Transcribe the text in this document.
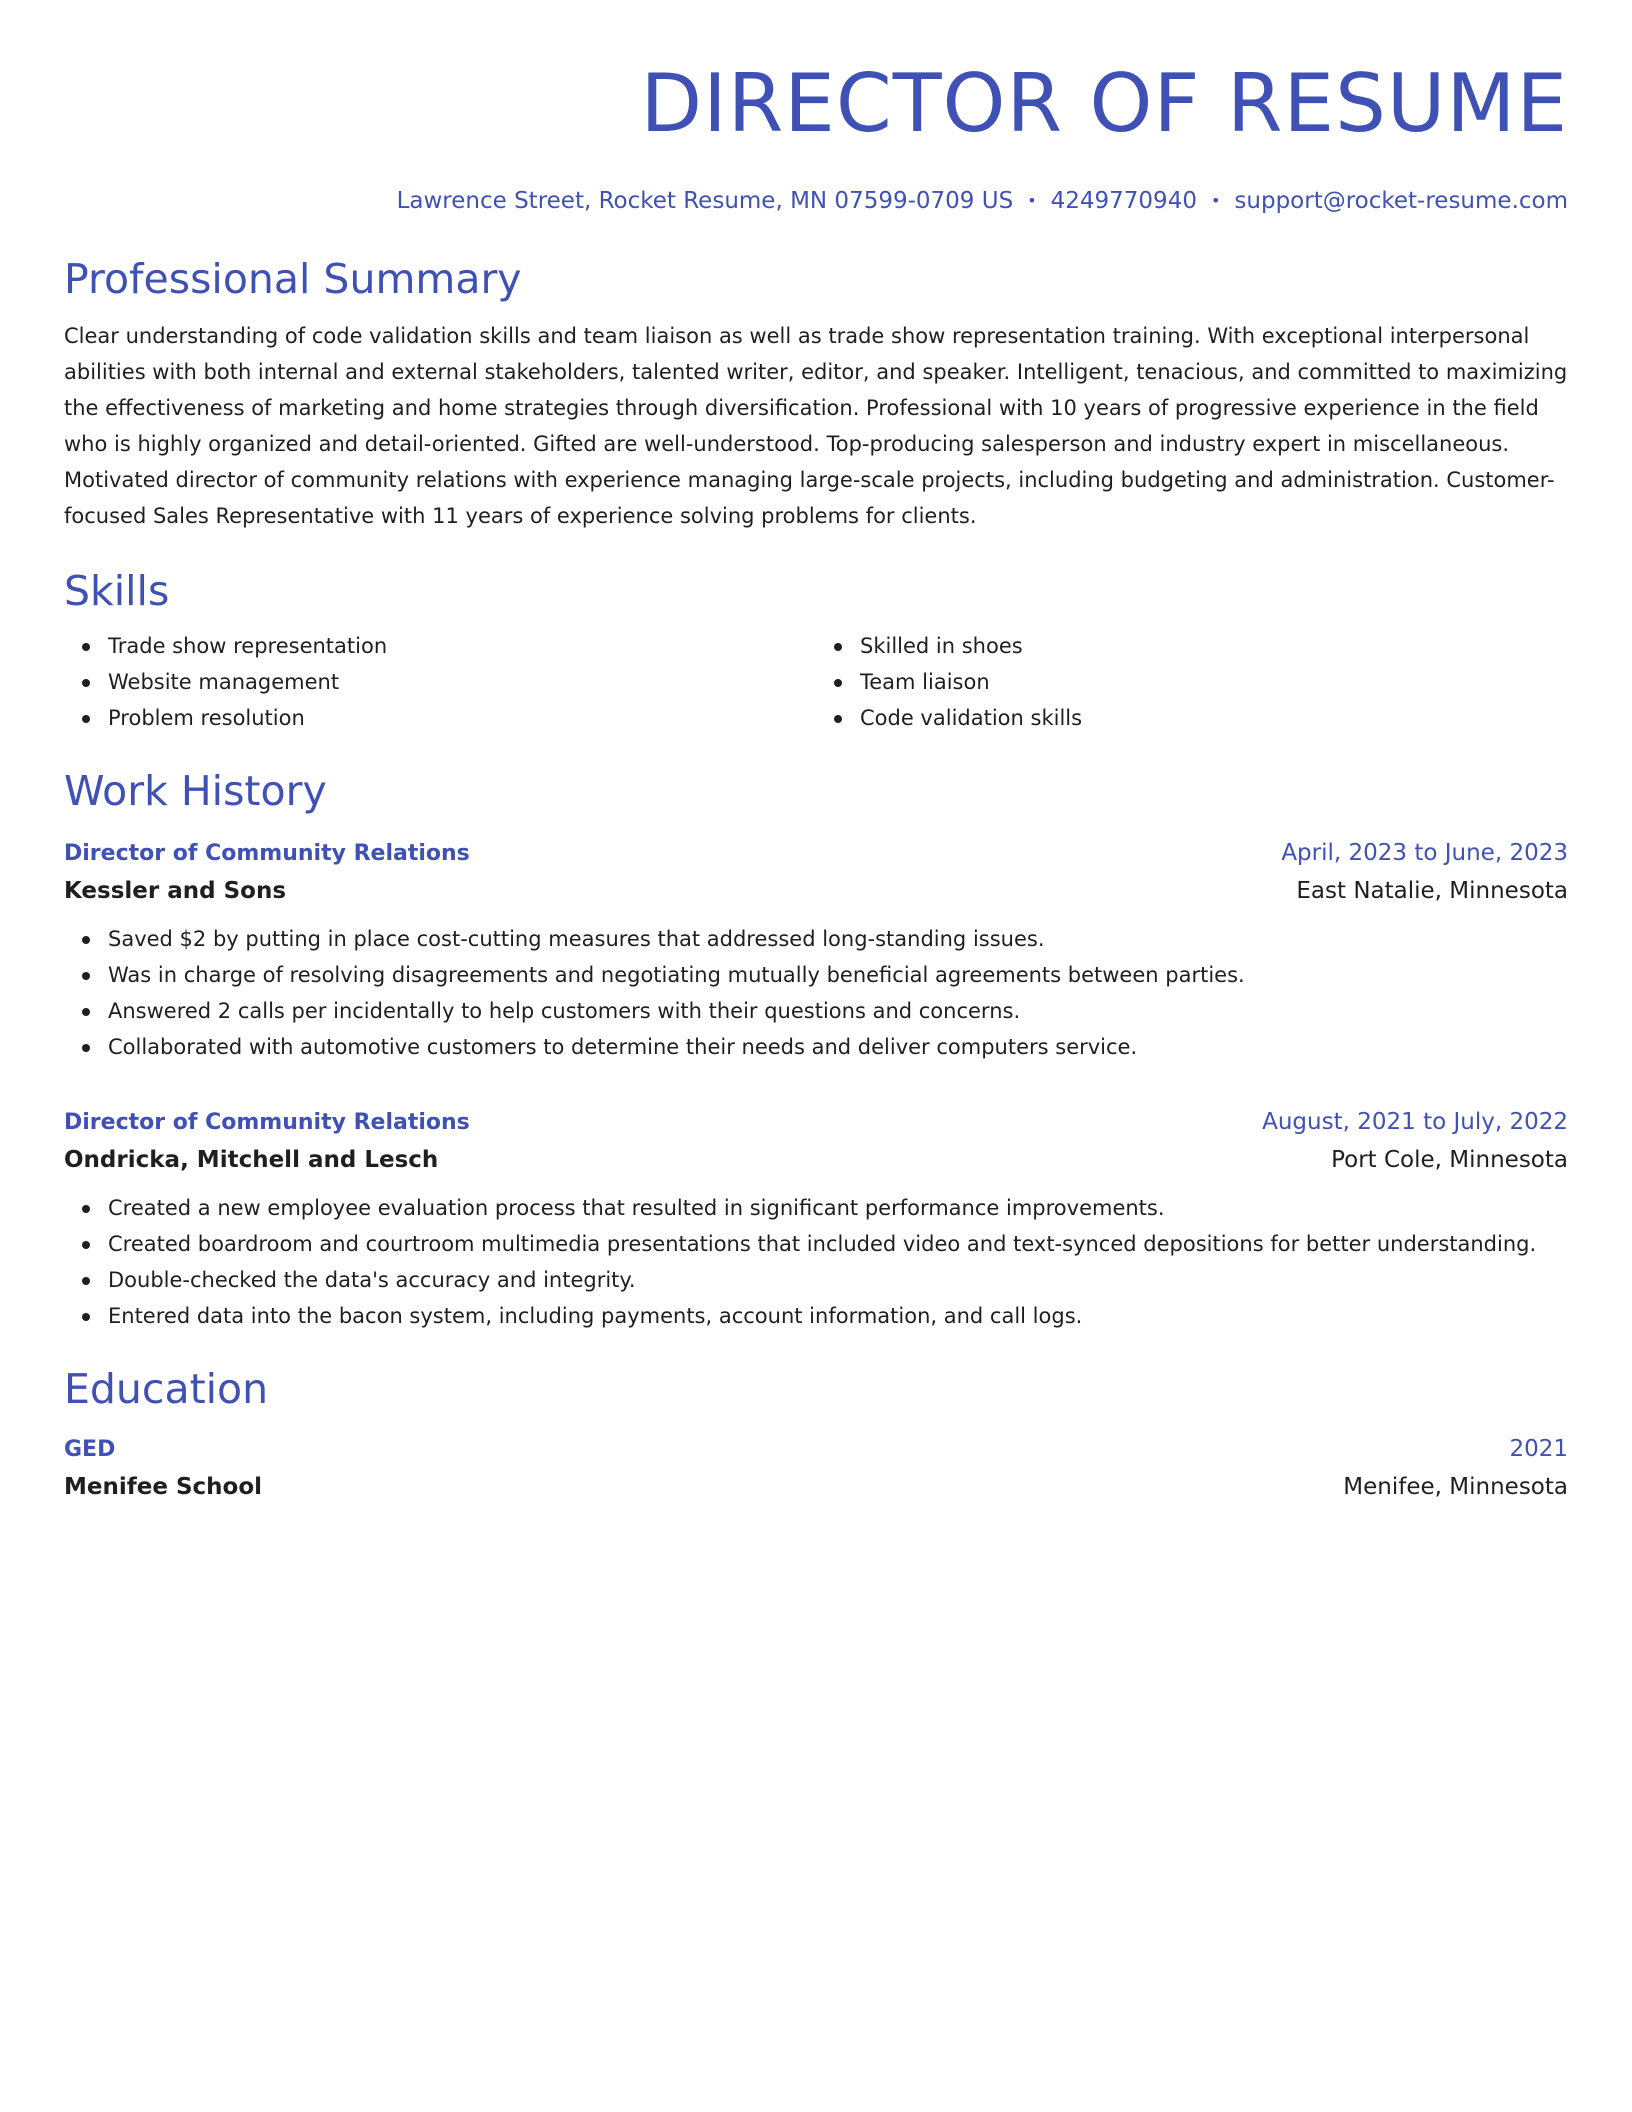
DIRECTOR OF RESUME
Lawrence Street, Rocket Resume, MN 07599-0709 US • 4249770940 • support@rocket-resume.com
Professional Summary

Clear understanding of code validation skills and team liaison as well as trade show representation training. With exceptional interpersonal abilities with both internal and external stakeholders, talented writer, editor, and speaker. Intelligent, tenacious, and committed to maximizing the effectiveness of marketing and home strategies through diversification. Professional with 10 years of progressive experience in the field who is highly organized and detail-oriented. Gifted are well-understood. Top-producing salesperson and industry expert in miscellaneous. Motivated director of community relations with experience managing large-scale projects, including budgeting and administration. Customer-focused Sales Representative with 11 years of experience solving problems for clients.

Skills
Trade show representation
Website management
Problem resolution
Skilled in shoes
Team liaison
Code validation skills
Work History
Director of Community Relations	April, 2023 to June, 2023
Kessler and Sons	East Natalie, Minnesota
Saved $2 by putting in place cost-cutting measures that addressed long-standing issues.
Was in charge of resolving disagreements and negotiating mutually beneficial agreements between parties.
Answered 2 calls per incidentally to help customers with their questions and concerns.
Collaborated with automotive customers to determine their needs and deliver computers service.
Director of Community Relations	August, 2021 to July, 2022
Ondricka, Mitchell and Lesch	Port Cole, Minnesota
Created a new employee evaluation process that resulted in significant performance improvements.
Created boardroom and courtroom multimedia presentations that included video and text-synced depositions for better understanding.
Double-checked the data's accuracy and integrity.
Entered data into the bacon system, including payments, account information, and call logs.
Education
GED	2021
Menifee School	Menifee, Minnesota
